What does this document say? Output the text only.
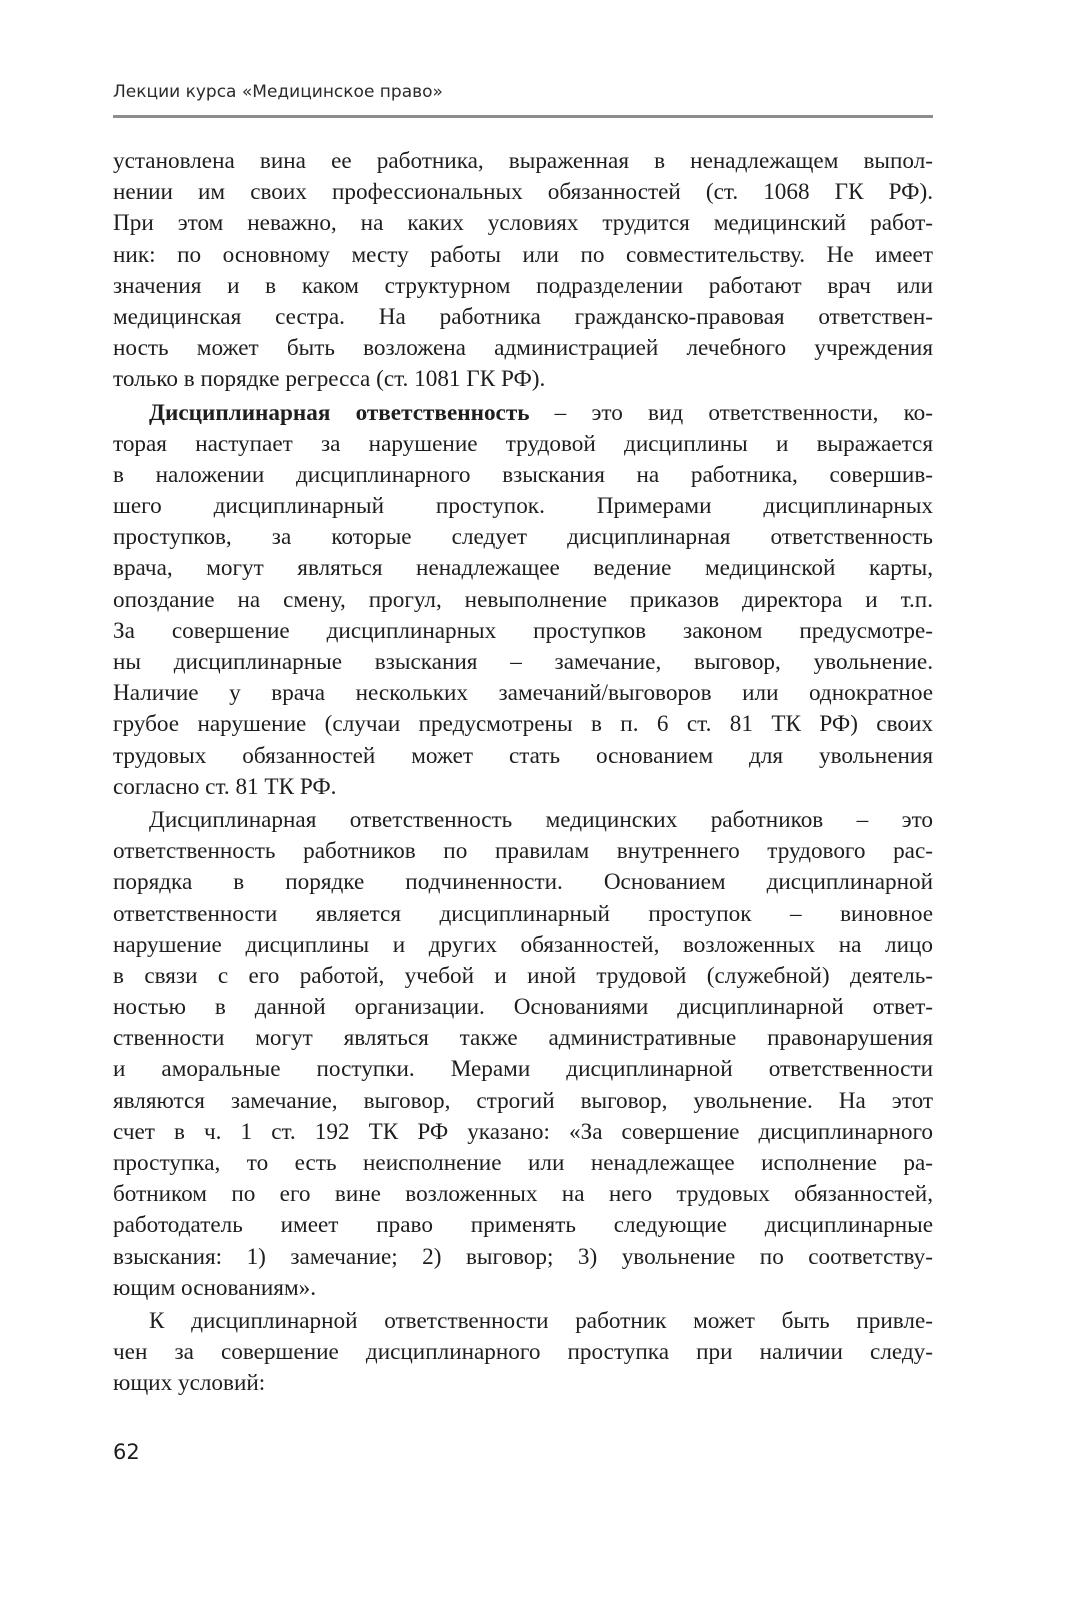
Лекции курса «Медицинское право»
установлена вина ее работника, выраженная в ненадлежащем выпол-
нении им своих профессиональных обязанностей (ст. 1068 ГК РФ).
При этом неважно, на каких условиях трудится медицинский работ-
ник: по основному месту работы или по совместительству. Не имеет
значения и в каком структурном подразделении работают врач или
медицинская сестра. На работника гражданско-правовая ответствен-
ность может быть возложена администрацией лечебного учреждения
только в порядке регресса (ст. 1081 ГК РФ).
Дисциплинарная ответственность – это вид ответственности, ко-
торая наступает за нарушение трудовой дисциплины и выражается
в наложении дисциплинарного взыскания на работника, совершив-
шего дисциплинарный проступок. Примерами дисциплинарных
проступков, за которые следует дисциплинарная ответственность
врача, могут являться ненадлежащее ведение медицинской карты,
опоздание на смену, прогул, невыполнение приказов директора и т.п.
За совершение дисциплинарных проступков законом предусмотре-
ны дисциплинарные взыскания – замечание, выговор, увольнение.
Наличие у врача нескольких замечаний/выговоров или однократное
грубое нарушение (случаи предусмотрены в п. 6 ст. 81 ТК РФ) своих
трудовых обязанностей может стать основанием для увольнения
согласно ст. 81 ТК РФ.
Дисциплинарная ответственность медицинских работников – это
ответственность работников по правилам внутреннего трудового рас-
порядка в порядке подчиненности. Основанием дисциплинарной
ответственности является дисциплинарный проступок – виновное
нарушение дисциплины и других обязанностей, возложенных на лицо
в связи с его работой, учебой и иной трудовой (служебной) деятель-
ностью в данной организации. Основаниями дисциплинарной ответ-
ственности могут являться также административные правонарушения
и аморальные поступки. Мерами дисциплинарной ответственности
являются замечание, выговор, строгий выговор, увольнение. На этот
счет в ч. 1 ст. 192 ТК РФ указано: «За совершение дисциплинарного
проступка, то есть неисполнение или ненадлежащее исполнение ра-
ботником по его вине возложенных на него трудовых обязанностей,
работодатель имеет право применять следующие дисциплинарные
взыскания: 1) замечание; 2) выговор; 3) увольнение по соответству-
ющим основаниям».
К дисциплинарной ответственности работник может быть привле-
чен за совершение дисциплинарного проступка при наличии следу-
ющих условий:
62
